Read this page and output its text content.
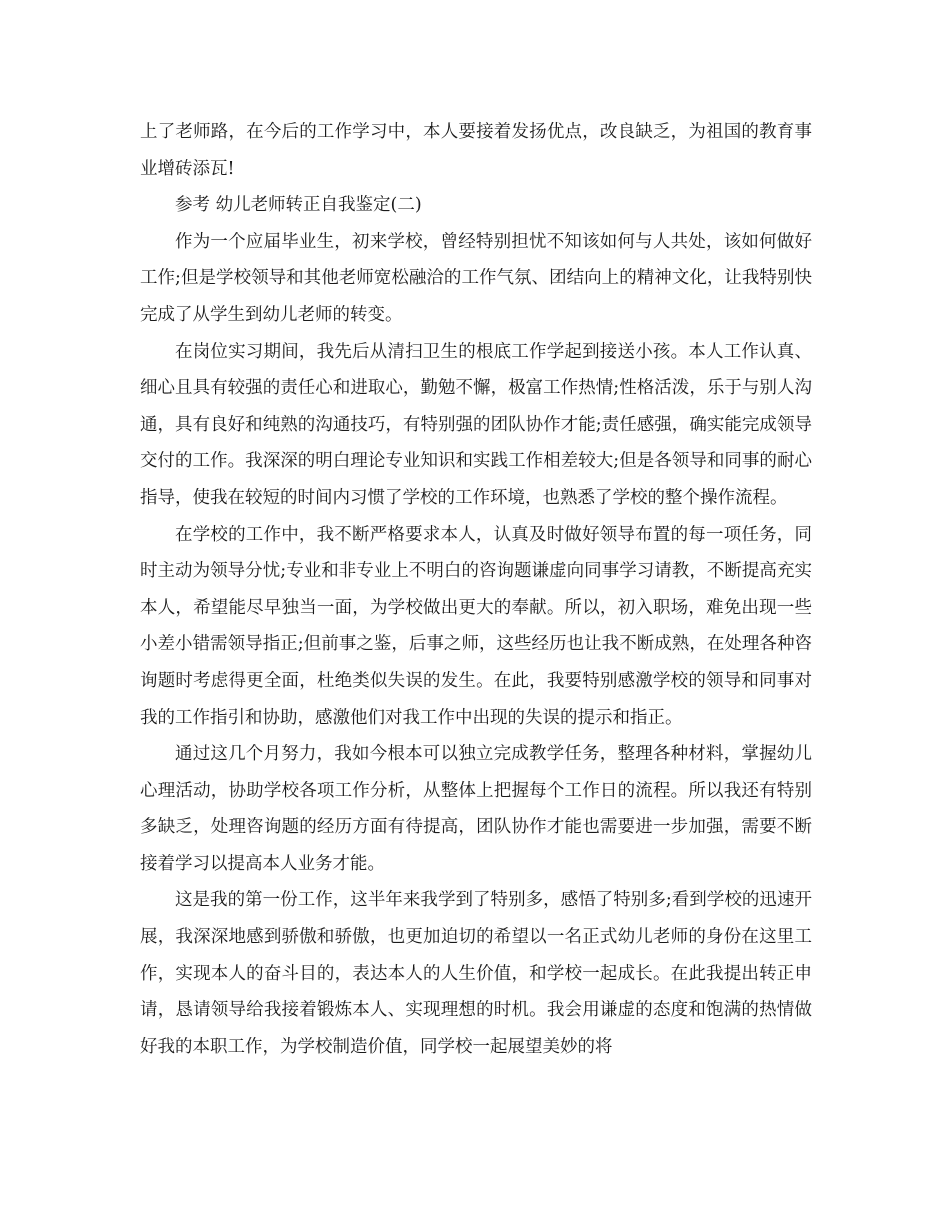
上了老师路，在今后的工作学习中，本人要接着发扬优点，改良缺乏，为祖国的教育事业增砖添瓦!

参考 幼儿老师转正自我鉴定(二)

作为一个应届毕业生，初来学校，曾经特别担忧不知该如何与人共处，该如何做好工作;但是学校领导和其他老师宽松融洽的工作气氛、团结向上的精神文化，让我特别快完成了从学生到幼儿老师的转变。

在岗位实习期间，我先后从清扫卫生的根底工作学起到接送小孩。本人工作认真、细心且具有较强的责任心和进取心，勤勉不懈，极富工作热情;性格活泼，乐于与别人沟通，具有良好和纯熟的沟通技巧，有特别强的团队协作才能;责任感强，确实能完成领导交付的工作。我深深的明白理论专业知识和实践工作相差较大;但是各领导和同事的耐心指导，使我在较短的时间内习惯了学校的工作环境，也熟悉了学校的整个操作流程。

在学校的工作中，我不断严格要求本人，认真及时做好领导布置的每一项任务，同时主动为领导分忧;专业和非专业上不明白的咨询题谦虚向同事学习请教，不断提高充实本人，希望能尽早独当一面，为学校做出更大的奉献。所以，初入职场，难免出现一些小差小错需领导指正;但前事之鉴，后事之师，这些经历也让我不断成熟，在处理各种咨询题时考虑得更全面，杜绝类似失误的发生。在此，我要特别感激学校的领导和同事对我的工作指引和协助，感激他们对我工作中出现的失误的提示和指正。

通过这几个月努力，我如今根本可以独立完成教学任务，整理各种材料，掌握幼儿心理活动，协助学校各项工作分析，从整体上把握每个工作日的流程。所以我还有特别多缺乏，处理咨询题的经历方面有待提高，团队协作才能也需要进一步加强，需要不断接着学习以提高本人业务才能。

这是我的第一份工作，这半年来我学到了特别多，感悟了特别多;看到学校的迅速开展，我深深地感到骄傲和骄傲，也更加迫切的希望以一名正式幼儿老师的身份在这里工作，实现本人的奋斗目的，表达本人的人生价值，和学校一起成长。在此我提出转正申请，恳请领导给我接着锻炼本人、实现理想的时机。我会用谦虚的态度和饱满的热情做好我的本职工作，为学校制造价值，同学校一起展望美妙的将
